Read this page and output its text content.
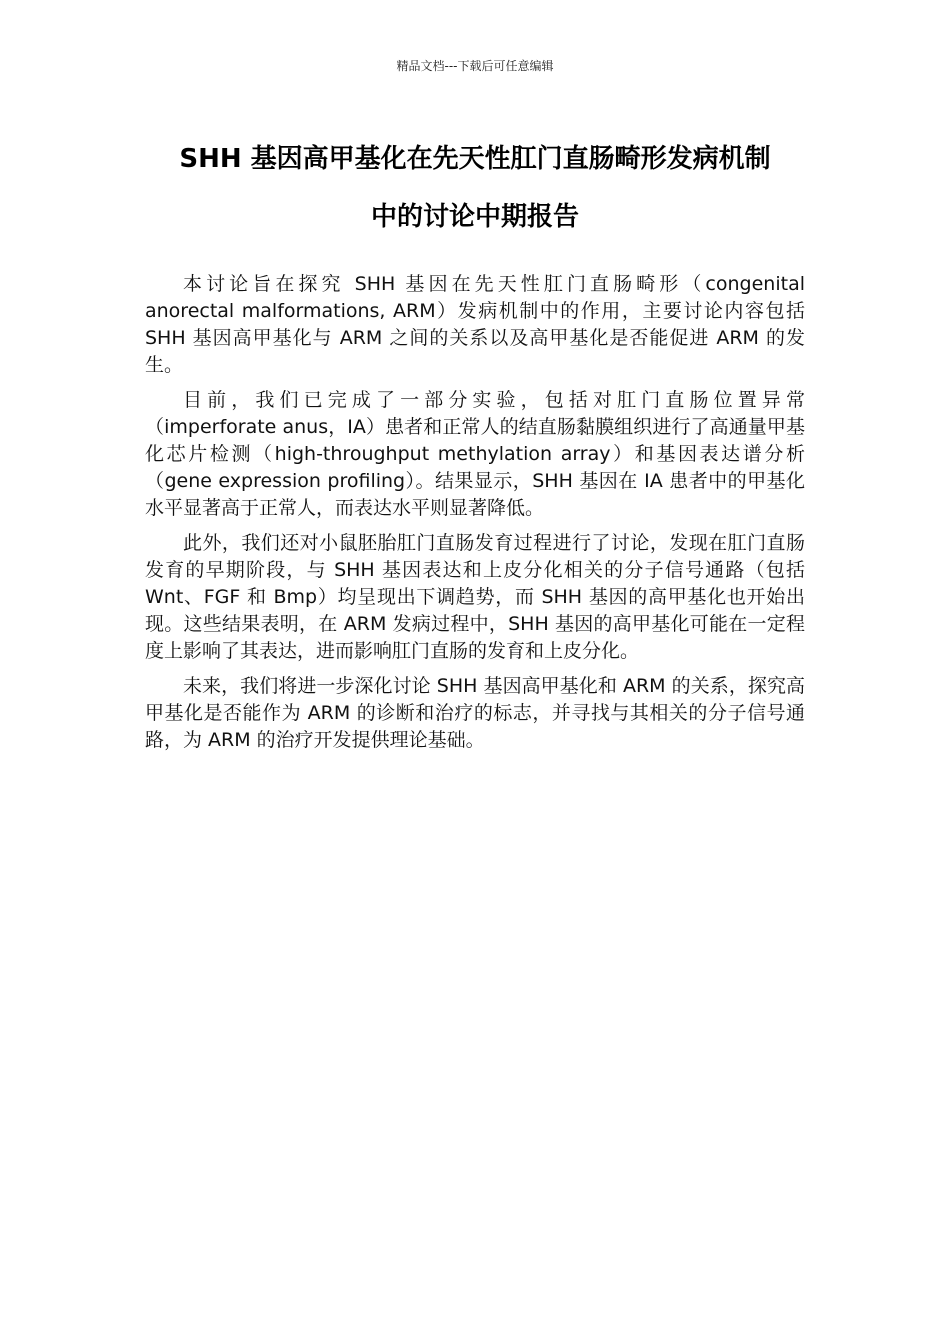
精品文档---下载后可任意编辑
SHH 基因高甲基化在先天性肛门直肠畸形发病机制
中的讨论中期报告

本讨论旨在探究 SHH 基因在先天性肛门直肠畸形（congenital anorectal malformations, ARM）发病机制中的作用，主要讨论内容包括 SHH 基因高甲基化与 ARM 之间的关系以及高甲基化是否能促进 ARM 的发生。

目前，我们已完成了一部分实验，包括对肛门直肠位置异常（imperforate anus，IA）患者和正常人的结直肠黏膜组织进行了高通量甲基化芯片检测（high-throughput methylation array）和基因表达谱分析（gene expression profiling）。结果显示，SHH 基因在 IA 患者中的甲基化水平显著高于正常人，而表达水平则显著降低。

此外，我们还对小鼠胚胎肛门直肠发育过程进行了讨论，发现在肛门直肠发育的早期阶段，与 SHH 基因表达和上皮分化相关的分子信号通路（包括 Wnt、FGF 和 Bmp）均呈现出下调趋势，而 SHH 基因的高甲基化也开始出现。这些结果表明，在 ARM 发病过程中，SHH 基因的高甲基化可能在一定程度上影响了其表达，进而影响肛门直肠的发育和上皮分化。

未来，我们将进一步深化讨论 SHH 基因高甲基化和 ARM 的关系，探究高甲基化是否能作为 ARM 的诊断和治疗的标志，并寻找与其相关的分子信号通路，为 ARM 的治疗开发提供理论基础。
